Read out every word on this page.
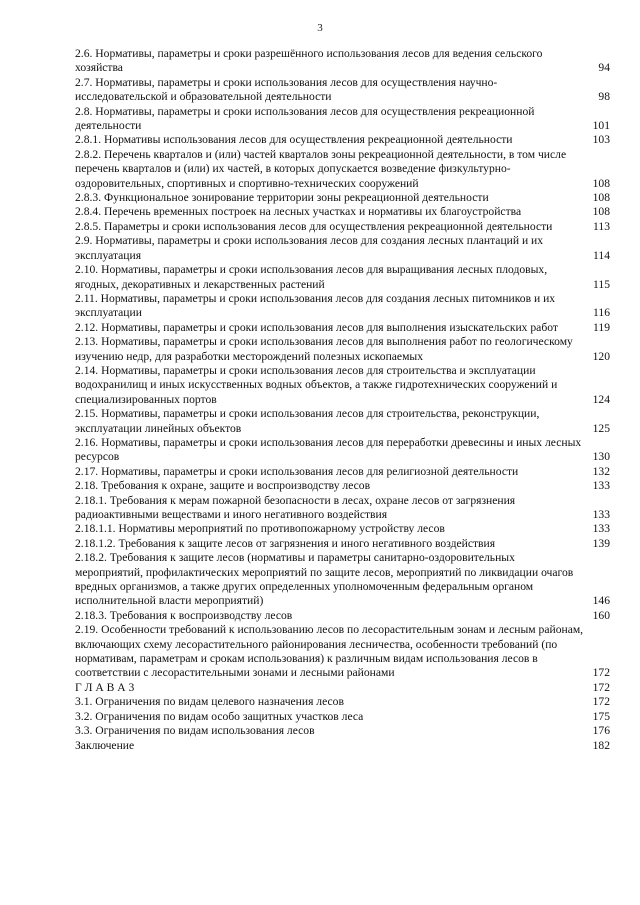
3
2.6. Нормативы, параметры и сроки разрешённого использования лесов для ведения сельского хозяйства	94
2.7. Нормативы, параметры и сроки использования лесов для осуществления научно-исследовательской и образовательной деятельности	98
2.8. Нормативы, параметры и сроки использования лесов для осуществления рекреационной деятельности	101
2.8.1. Нормативы использования лесов для осуществления рекреационной деятельности	103
2.8.2. Перечень кварталов и (или) частей кварталов зоны рекреационной деятельности, в том числе перечень кварталов и (или) их частей, в которых допускается возведение физкультурно-оздоровительных, спортивных и спортивно-технических сооружений	108
2.8.3. Функциональное зонирование территории зоны рекреационной деятельности	108
2.8.4. Перечень временных построек на лесных участках и нормативы их благоустройства	108
2.8.5. Параметры и сроки использования лесов для осуществления рекреационной деятельности	113
2.9. Нормативы, параметры и сроки использования лесов для создания лесных плантаций и их эксплуатация	114
2.10. Нормативы, параметры и сроки использования лесов для выращивания лесных плодовых, ягодных, декоративных и лекарственных растений	115
2.11. Нормативы, параметры и сроки использования лесов для создания лесных питомников и их эксплуатации	116
2.12. Нормативы, параметры и сроки использования лесов для выполнения изыскательских работ	119
2.13. Нормативы, параметры и сроки использования лесов для выполнения работ по геологическому изучению недр, для разработки месторождений полезных ископаемых	120
2.14. Нормативы, параметры и сроки использования лесов для строительства и эксплуатации водохранилищ и иных искусственных водных объектов, а также гидротехнических сооружений и специализированных портов	124
2.15. Нормативы, параметры и сроки использования лесов для строительства, реконструкции, эксплуатации линейных объектов	125
2.16. Нормативы, параметры и сроки использования лесов для переработки древесины и иных лесных ресурсов	130
2.17. Нормативы, параметры и сроки использования лесов для религиозной деятельности	132
2.18. Требования к охране, защите и воспроизводству лесов	133
2.18.1. Требования к мерам пожарной безопасности в лесах, охране лесов от загрязнения радиоактивными веществами и иного негативного воздействия	133
2.18.1.1. Нормативы мероприятий по противопожарному устройству лесов	133
2.18.1.2. Требования к защите лесов от загрязнения и иного негативного воздействия	139
2.18.2. Требования к защите лесов (нормативы и параметры санитарно-оздоровительных мероприятий, профилактических мероприятий по защите лесов, мероприятий по ликвидации очагов вредных организмов, а также других определенных уполномоченным федеральным органом исполнительной власти мероприятий)	146
2.18.3. Требования к воспроизводству лесов	160
2.19. Особенности требований к использованию лесов по лесорастительным зонам и лесным районам, включающих схему лесорастительного районирования лесничества, особенности требований (по нормативам, параметрам и срокам использования) к различным видам использования лесов в соответствии с лесорастительными зонами и лесными районами	172
Г Л А В А 3	172
3.1. Ограничения по видам целевого назначения лесов	172
3.2. Ограничения по видам особо защитных участков леса	175
3.3. Ограничения по видам использования лесов	176
Заключение	182
